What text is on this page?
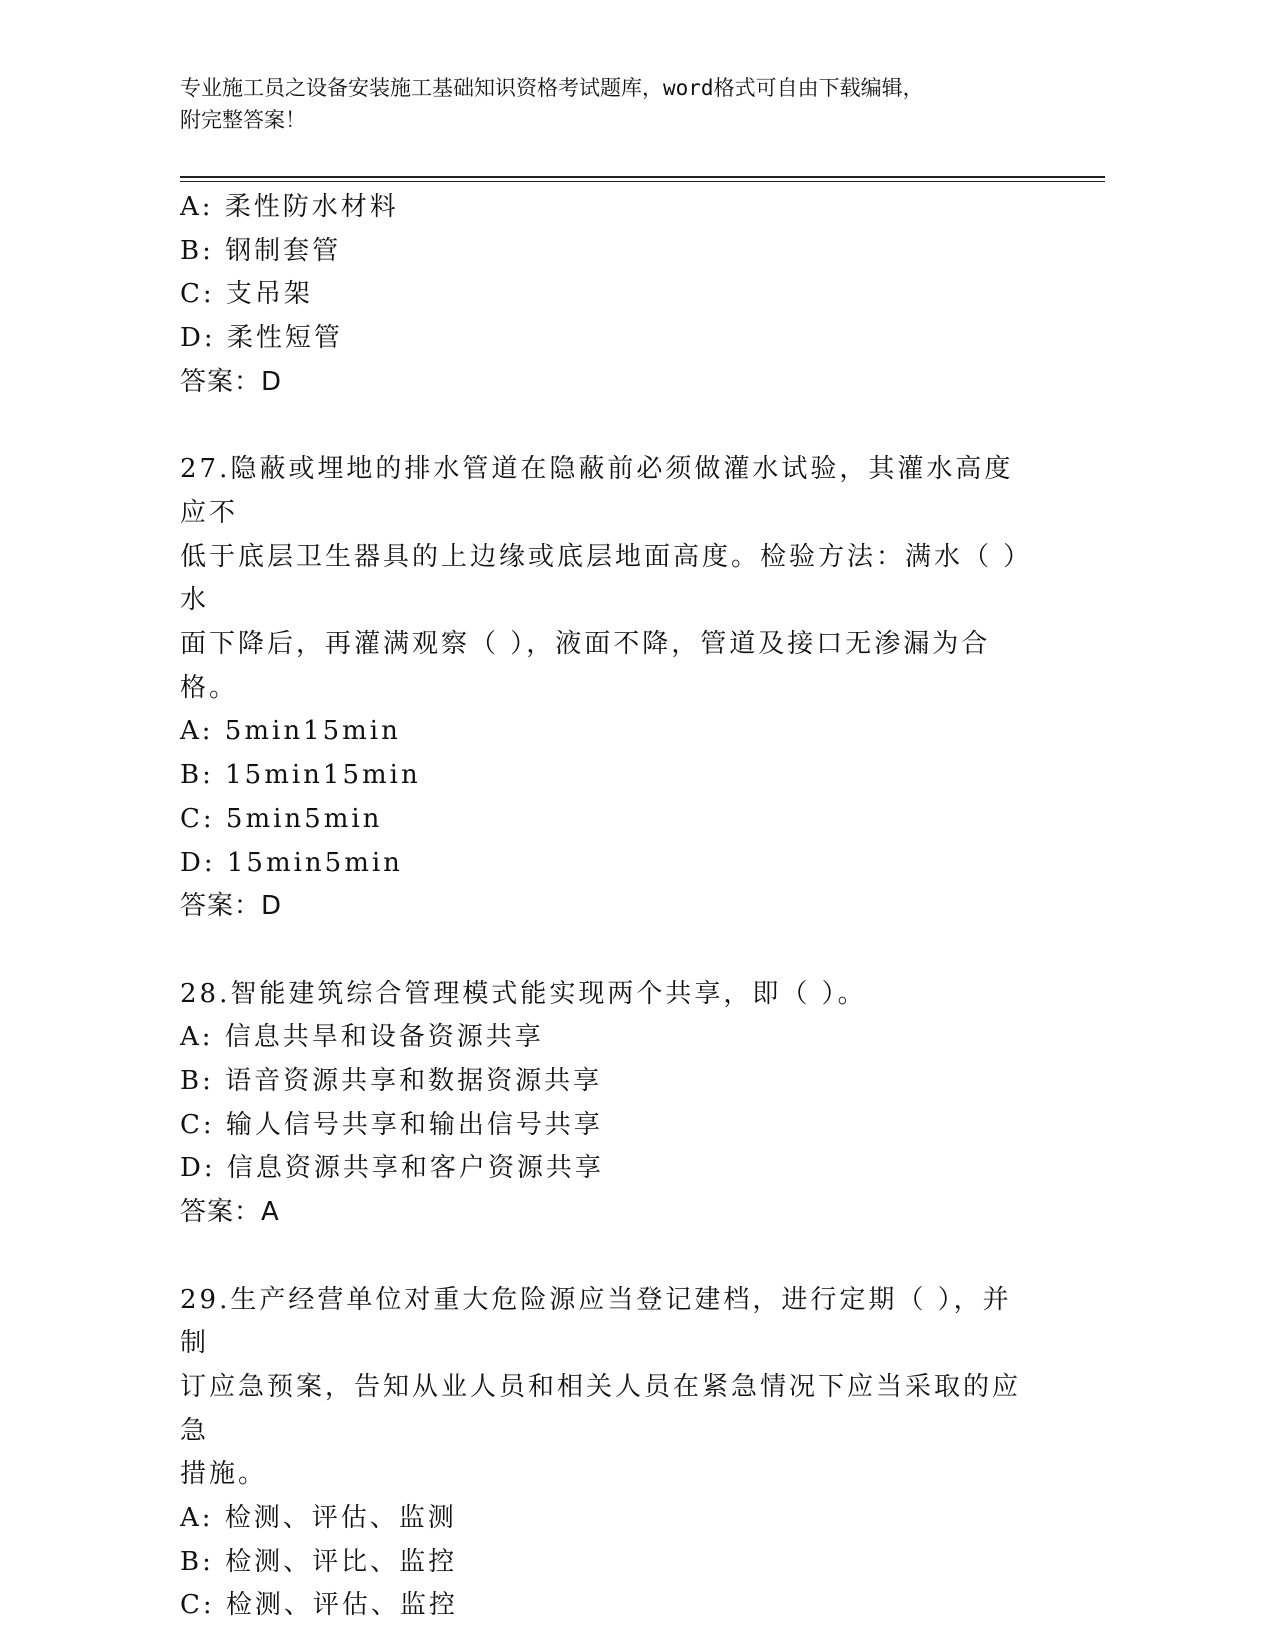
专业施工员之设备安装施工基础知识资格考试题库，word格式可自由下载编辑，
附完整答案！
A: 柔性防水材料
B: 钢制套管
C: 支吊架
D: 柔性短管
答案：D
27.隐蔽或埋地的排水管道在隐蔽前必须做灌水试验，其灌水高度应不
低于底层卫生器具的上边缘或底层地面高度。检验方法：满水（ ）水
面下降后，再灌满观察（ ），液面不降，管道及接口无渗漏为合格。
A: 5min15min
B: 15min15min
C: 5min5min
D: 15min5min
答案：D
28.智能建筑综合管理模式能实现两个共享，即（ ）。
A: 信息共旱和设备资源共享
B: 语音资源共享和数据资源共享
C: 输人信号共享和输出信号共享
D: 信息资源共享和客户资源共享
答案：A
29.生产经营单位对重大危险源应当登记建档，进行定期（ ），并制
订应急预案，告知从业人员和相关人员在紧急情况下应当采取的应急
措施。
A: 检测、评估、监测
B: 检测、评比、监控
C: 检测、评估、监控
